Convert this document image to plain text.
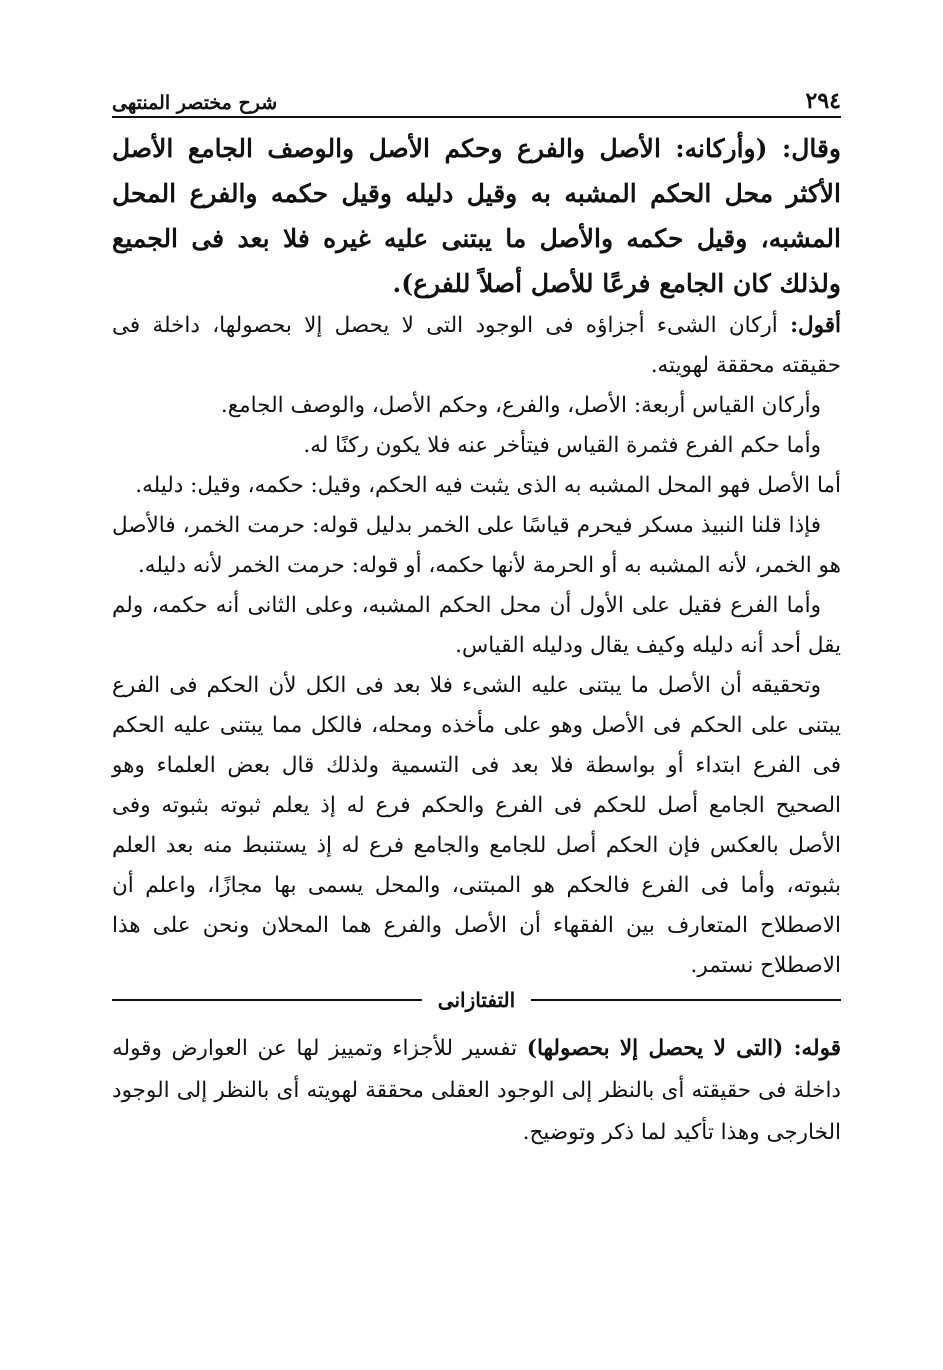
٢٩٤
شرح مختصر المنتهى

وقال: (وأركانه: الأصل والفرع وحكم الأصل والوصف الجامع الأصل الأكثر محل الحكم المشبه به وقيل دليله وقيل حكمه والفرع المحل المشبه، وقيل حكمه والأصل ما يبتنى عليه غيره فلا بعد فى الجميع ولذلك كان الجامع فرعًا للأصل أصلاً للفرع).

أقول: أركان الشىء أجزاؤه فى الوجود التى لا يحصل إلا بحصولها، داخلة فى حقيقته محققة لهويته.

وأركان القياس أربعة: الأصل، والفرع، وحكم الأصل، والوصف الجامع.

وأما حكم الفرع فثمرة القياس فيتأخر عنه فلا يكون ركنًا له.

أما الأصل فهو المحل المشبه به الذى يثبت فيه الحكم، وقيل: حكمه، وقيل: دليله.

فإذا قلنا النبيذ مسكر فيحرم قياسًا على الخمر بدليل قوله: حرمت الخمر، فالأصل هو الخمر، لأنه المشبه به أو الحرمة لأنها حكمه، أو قوله: حرمت الخمر لأنه دليله.

وأما الفرع فقيل على الأول أن محل الحكم المشبه، وعلى الثانى أنه حكمه، ولم يقل أحد أنه دليله وكيف يقال ودليله القياس.

وتحقيقه أن الأصل ما يبتنى عليه الشىء فلا بعد فى الكل لأن الحكم فى الفرع يبتنى على الحكم فى الأصل وهو على مأخذه ومحله، فالكل مما يبتنى عليه الحكم فى الفرع ابتداء أو بواسطة فلا بعد فى التسمية ولذلك قال بعض العلماء وهو الصحيح الجامع أصل للحكم فى الفرع والحكم فرع له إذ يعلم ثبوته بثبوته وفى الأصل بالعكس فإن الحكم أصل للجامع والجامع فرع له إذ يستنبط منه بعد العلم بثبوته، وأما فى الفرع فالحكم هو المبتنى، والمحل يسمى بها مجازًا، واعلم أن الاصطلاح المتعارف بين الفقهاء أن الأصل والفرع هما المحلان ونحن على هذا الاصطلاح نستمر.

التفتازانى

قوله: (التى لا يحصل إلا بحصولها) تفسير للأجزاء وتمييز لها عن العوارض وقوله داخلة فى حقيقته أى بالنظر إلى الوجود العقلى محققة لهويته أى بالنظر إلى الوجود الخارجى وهذا تأكيد لما ذكر وتوضيح.
